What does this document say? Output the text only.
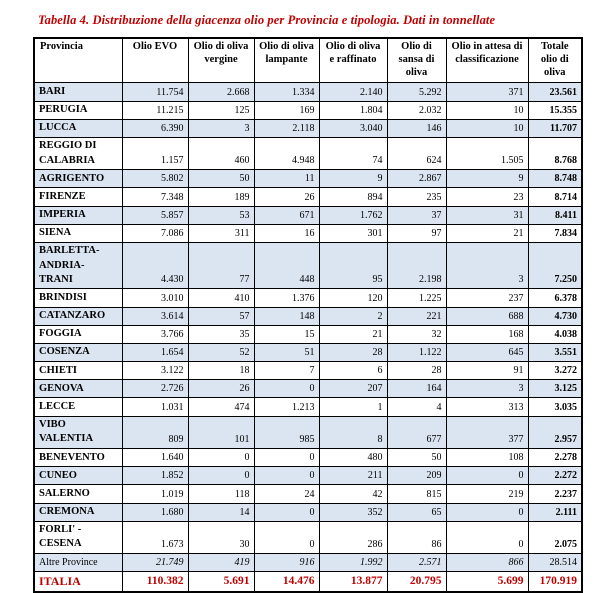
Tabella 4. Distribuzione della giacenza olio per Provincia e tipologia. Dati in tonnellate

Provincia	Olio EVO	Olio di oliva vergine	Olio di oliva lampante	Olio di oliva e raffinato	Olio di sansa di oliva	Olio in attesa di classificazione	Totale olio di oliva
BARI	11.754	2.668	1.334	2.140	5.292	371	23.561
PERUGIA	11.215	125	169	1.804	2.032	10	15.355
LUCCA	6.390	3	2.118	3.040	146	10	11.707
REGGIO DI CALABRIA	1.157	460	4.948	74	624	1.505	8.768
AGRIGENTO	5.802	50	11	9	2.867	9	8.748
FIRENZE	7.348	189	26	894	235	23	8.714
IMPERIA	5.857	53	671	1.762	37	31	8.411
SIENA	7.086	311	16	301	97	21	7.834
BARLETTA-ANDRIA-TRANI	4.430	77	448	95	2.198	3	7.250
BRINDISI	3.010	410	1.376	120	1.225	237	6.378
CATANZARO	3.614	57	148	2	221	688	4.730
FOGGIA	3.766	35	15	21	32	168	4.038
COSENZA	1.654	52	51	28	1.122	645	3.551
CHIETI	3.122	18	7	6	28	91	3.272
GENOVA	2.726	26	0	207	164	3	3.125
LECCE	1.031	474	1.213	1	4	313	3.035
VIBO VALENTIA	809	101	985	8	677	377	2.957
BENEVENTO	1.640	0	0	480	50	108	2.278
CUNEO	1.852	0	0	211	209	0	2.272
SALERNO	1.019	118	24	42	815	219	2.237
CREMONA	1.680	14	0	352	65	0	2.111
FORLI' - CESENA	1.673	30	0	286	86	0	2.075
Altre Province	21.749	419	916	1.992	2.571	866	28.514
ITALIA	110.382	5.691	14.476	13.877	20.795	5.699	170.919
